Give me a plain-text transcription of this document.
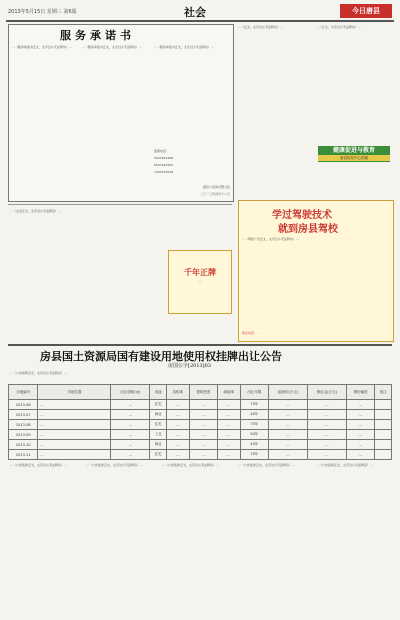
2013年5月15日 星期三 第6版	社会	今日唐县
服务承诺书
...（服务承诺书正文，文字过小无法辨识）...	...（服务承诺书正文，文字过小无法辨识）...	...（服务承诺书正文，文字过小无法辨识）...

监督电话：

5597922458

5597943455

1363270538

唐县公安局交警大队

二〇一三年四月十八日

...（正文，文字过小无法辨识）...	...（正文，文字过小无法辨识）...
健康促进与教育
唐县疾控中心供稿
学过驾驶技术
就到房县驾校
...（驾校广告正文，文字过小无法辨识）...
联系电话：...
...（文章正文，文字过小无法辨识）...
千年正牌
...
房县国土资源局国有建设用地使用权挂牌出让公告
房国公字[2013]03
...（公告说明文字，文字过小无法辨识）...
宗地编号	宗地位置	出让面积(㎡)	用途	容积率	建筑密度	绿地率	出让年限	起始价(万元)	保证金(万元)	增价幅度	备注
2013-06	...	...	住宅	...	...	...	70年	...	...	...	
2013-07	...	...	商业	...	...	...	40年	...	...	...	
2013-08	...	...	住宅	...	...	...	70年	...	...	...	
2013-09	...	...	工业	...	...	...	50年	...	...	...	
2013-10	...	...	商业	...	...	...	40年	...	...	...	
2013-11	...	...	住宅	...	...	...	70年	...	...	...	
...（公告条款正文，文字过小无法辨识）...	...（公告条款正文，文字过小无法辨识）...	...（公告条款正文，文字过小无法辨识）...	...（公告条款正文，文字过小无法辨识）...	...（公告条款正文，文字过小无法辨识）...
